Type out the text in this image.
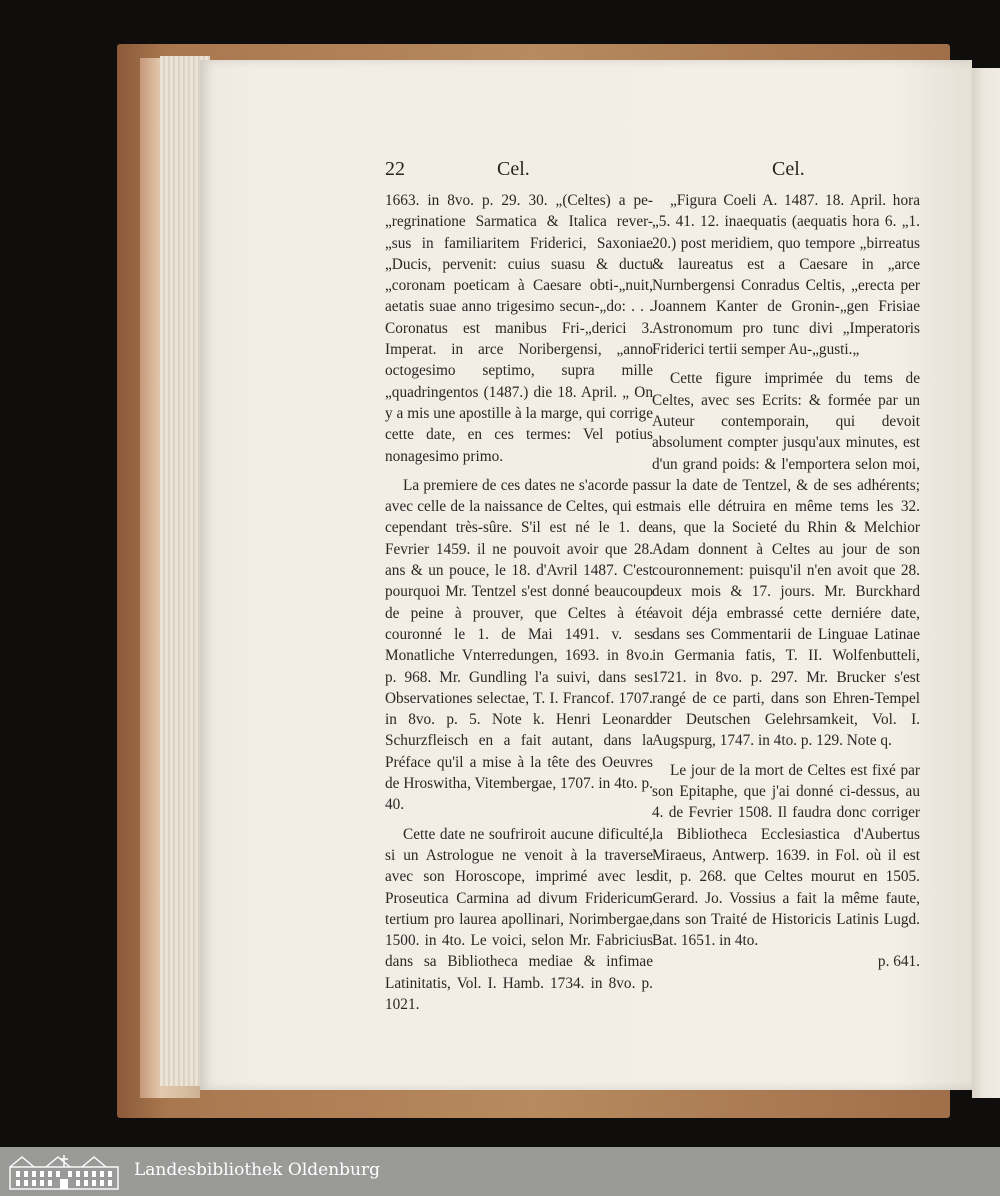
22	Cel.	Cel.

1663. in 8vo. p. 29. 30. „(Celtes) a pe-„regrinatione Sarmatica & Italica rever-„sus in familiaritem Friderici, Saxoniae „Ducis, pervenit: cuius suasu & ductu „coronam poeticam à Caesare obti-„nuit, aetatis suae anno trigesimo secun-„do: . . . Coronatus est manibus Fri-„derici 3. Imperat. in arce Noribergensi, „anno octogesimo septimo, supra mille „quadringentos (1487.) die 18. April. „ On y a mis une apostille à la marge, qui corrige cette date, en ces termes: Vel potius nonagesimo primo.

La premiere de ces dates ne s'acorde pas avec celle de la naissance de Celtes, qui est cependant très-sûre. S'il est né le 1. de Fevrier 1459. il ne pouvoit avoir que 28. ans & un pouce, le 18. d'Avril 1487. C'est pourquoi Mr. Tentzel s'est donné beaucoup de peine à prouver, que Celtes à été couronné le 1. de Mai 1491. v. ses Monatliche Vnterredungen, 1693. in 8vo. p. 968. Mr. Gundling l'a suivi, dans ses Observationes selectae, T. I. Francof. 1707. in 8vo. p. 5. Note k. Henri Leonard Schurzfleisch en a fait autant, dans la Préface qu'il a mise à la tête des Oeuvres de Hroswitha, Vitembergae, 1707. in 4to. p. 40.

Cette date ne soufriroit aucune dificulté, si un Astrologue ne venoit à la traverse avec son Horoscope, imprimé avec les Proseutica Carmina ad divum Fridericum tertium pro laurea apollinari, Norimbergae, 1500. in 4to. Le voici, selon Mr. Fabricius dans sa Bibliotheca mediae & infimae Latinitatis, Vol. I. Hamb. 1734. in 8vo. p. 1021.

„Figura Coeli A. 1487. 18. April. hora „5. 41. 12. inaequatis (aequatis hora 6. „1. 20.) post meridiem, quo tempore „birreatus & laureatus est a Caesare in „arce Nurnbergensi Conradus Celtis, „erecta per Joannem Kanter de Gronin-„gen Frisiae Astronomum pro tunc divi „Imperatoris Friderici tertii semper Au-„gusti.„

Cette figure imprimée du tems de Celtes, avec ses Ecrits: & formée par un Auteur contemporain, qui devoit absolument compter jusqu'aux minutes, est d'un grand poids: & l'emportera selon moi, sur la date de Tentzel, & de ses adhérents; mais elle détruira en même tems les 32. ans, que la Societé du Rhin & Melchior Adam donnent à Celtes au jour de son couronnement: puisqu'il n'en avoit que 28. deux mois & 17. jours. Mr. Burckhard avoit déja embrassé cette derniére date, dans ses Commentarii de Linguae Latinae in Germania fatis, T. II. Wolfenbutteli, 1721. in 8vo. p. 297. Mr. Brucker s'est rangé de ce parti, dans son Ehren-Tempel der Deutschen Gelehrsamkeit, Vol. I. Augspurg, 1747. in 4to. p. 129. Note q.

Le jour de la mort de Celtes est fixé par son Epitaphe, que j'ai donné ci-dessus, au 4. de Fevrier 1508. Il faudra donc corriger la Bibliotheca Ecclesiastica d'Aubertus Miraeus, Antwerp. 1639. in Fol. où il est dit, p. 268. que Celtes mourut en 1505. Gerard. Jo. Vossius a fait la même faute, dans son Traité de Historicis Latinis Lugd. Bat. 1651. in 4to.

p. 641.

Landesbibliothek Oldenburg
